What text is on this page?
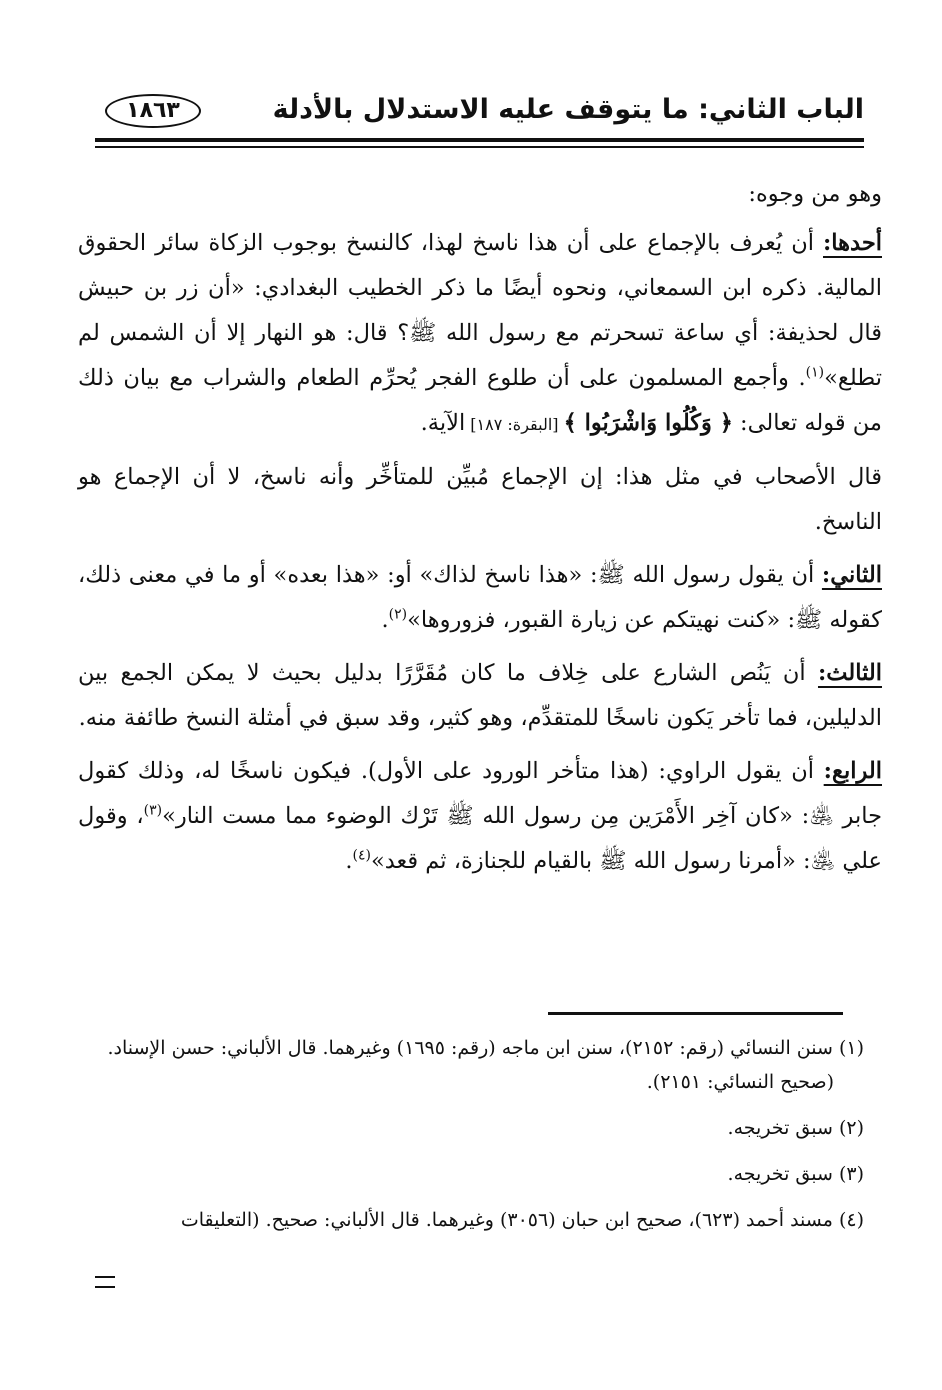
الباب الثاني: ما يتوقف عليه الاستدلال بالأدلة
١٨٦٣

وهو من وجوه:

أحدها: أن يُعرف بالإجماع على أن هذا ناسخ لهذا، كالنسخ بوجوب الزكاة سائر الحقوق المالية. ذكره ابن السمعاني، ونحوه أيضًا ما ذكر الخطيب البغدادي: «أن زر بن حبيش قال لحذيفة: أي ساعة تسحرتم مع رسول الله ﷺ؟ قال: هو النهار إلا أن الشمس لم تطلع»$^{(١)}$. وأجمع المسلمون على أن طلوع الفجر يُحرِّم الطعام والشراب مع بيان ذلك من قوله تعالى: ﴿ وَكُلُوا وَاشْرَبُوا ﴾ [البقرة: ١٨٧] الآية.

قال الأصحاب في مثل هذا: إن الإجماع مُبيِّن للمتأخِّر وأنه ناسخ، لا أن الإجماع هو الناسخ.

الثاني: أن يقول رسول الله ﷺ: «هذا ناسخ لذاك» أو: «هذا بعده» أو ما في معنى ذلك، كقوله ﷺ: «كنت نهيتكم عن زيارة القبور، فزوروها»$^{(٢)}$.

الثالث: أن يَنُص الشارع على خِلاف ما كان مُقَرَّرًا بدليل بحيث لا يمكن الجمع بين الدليلين، فما تأخر يَكون ناسخًا للمتقدِّم، وهو كثير، وقد سبق في أمثلة النسخ طائفة منه.

الرابع: أن يقول الراوي: (هذا متأخر الورود على الأول). فيكون ناسخًا له، وذلك كقول جابر ﵁: «كان آخِر الأَمْرَين مِن رسول الله ﷺ تَرْك الوضوء مما مست النار»$^{(٣)}$، وقول علي ﵁: «أمرنا رسول الله ﷺ بالقيام للجنازة، ثم قعد»$^{(٤)}$.

(١) سنن النسائي (رقم: ٢١٥٢)، سنن ابن ماجه (رقم: ١٦٩٥) وغيرهما. قال الألباني: حسن الإسناد.

(صحيح النسائي: ٢١٥١).

(٢) سبق تخريجه.

(٣) سبق تخريجه.

(٤) مسند أحمد (٦٢٣)، صحيح ابن حبان (٣٠٥٦) وغيرهما. قال الألباني: صحيح. (التعليقات
